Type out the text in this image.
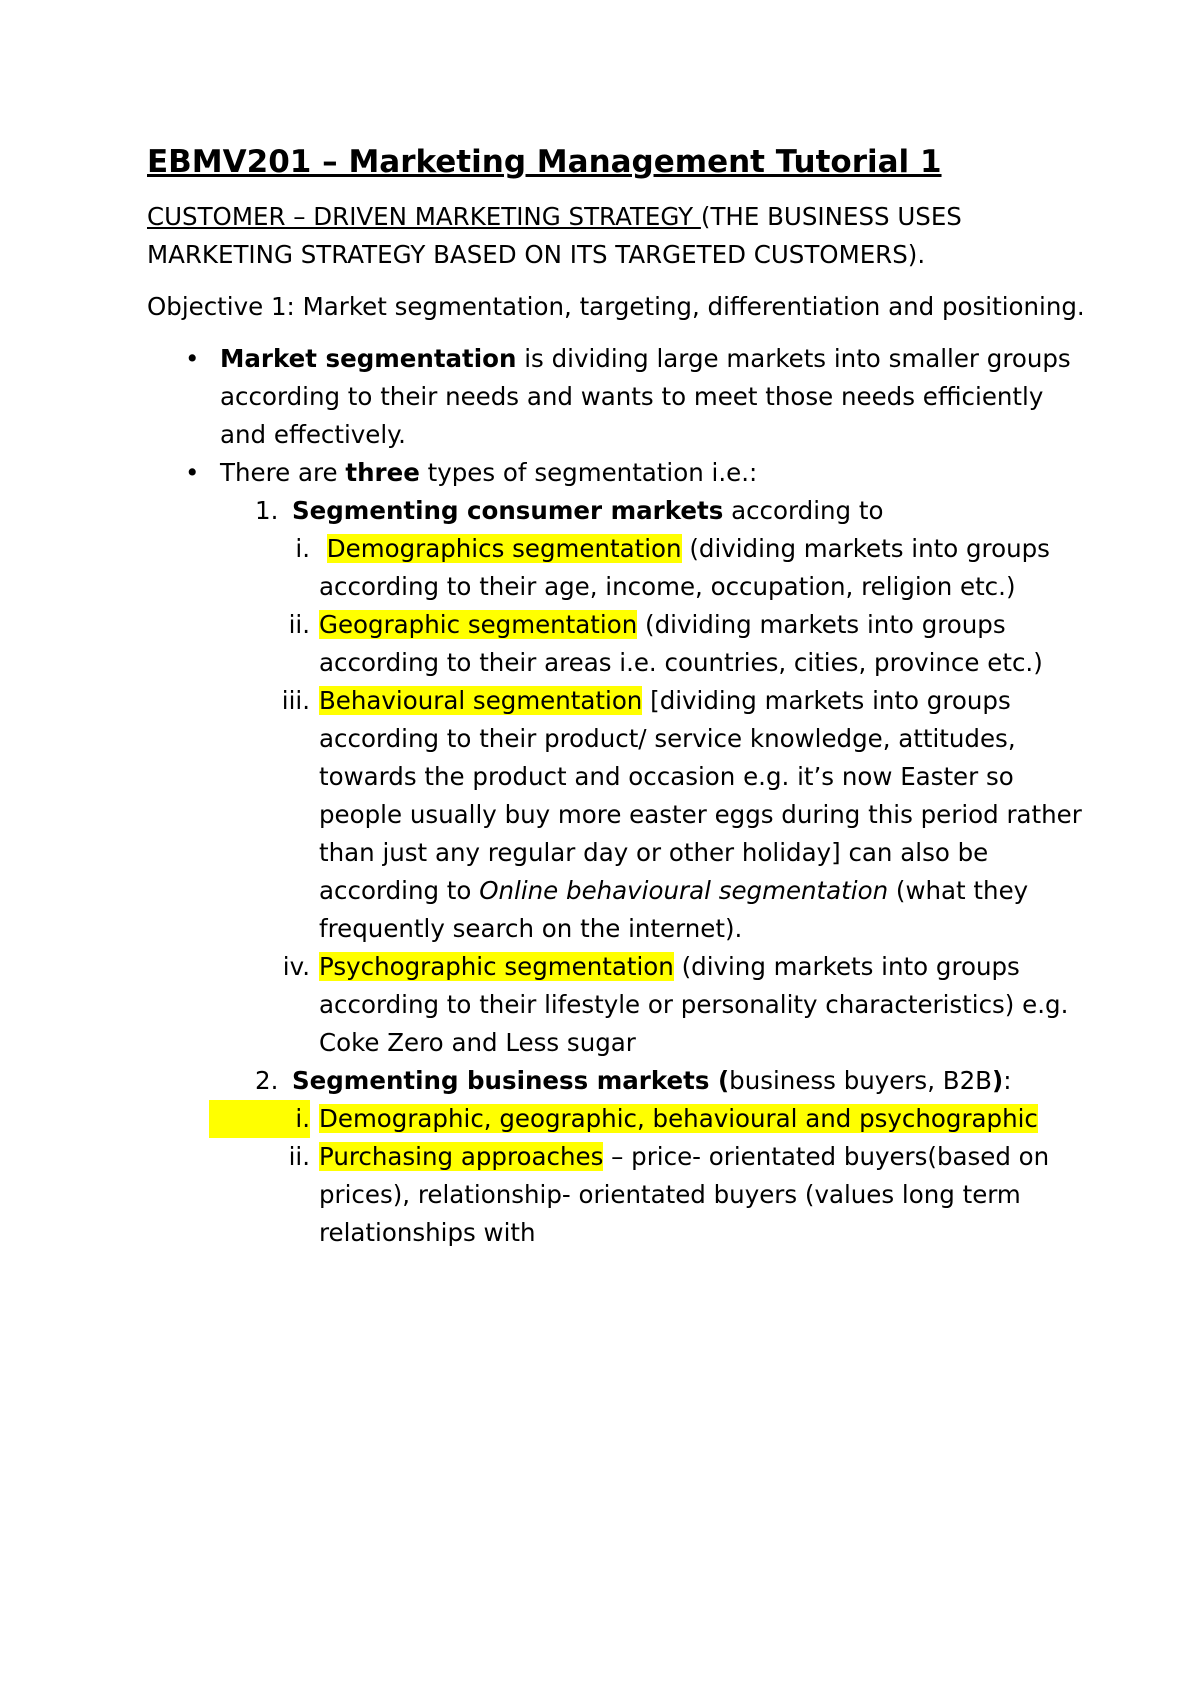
EBMV201 – Marketing Management Tutorial 1
CUSTOMER – DRIVEN MARKETING STRATEGY (THE BUSINESS USES MARKETING STRATEGY BASED ON ITS TARGETED CUSTOMERS).
Objective 1: Market segmentation, targeting, differentiation and positioning.
• Market segmentation is dividing large markets into smaller groups according to their needs and wants to meet those needs efficiently and effectively.
• There are three types of segmentation i.e.:
1. Segmenting consumer markets according to
i. Demographics segmentation (dividing markets into groups according to their age, income, occupation, religion etc.)
ii. Geographic segmentation (dividing markets into groups according to their areas i.e. countries, cities, province etc.)
iii. Behavioural segmentation [dividing markets into groups according to their product/ service knowledge, attitudes, towards the product and occasion e.g. it’s now Easter so people usually buy more easter eggs during this period rather than just any regular day or other holiday] can also be according to Online behavioural segmentation (what they frequently search on the internet).
iv. Psychographic segmentation (diving markets into groups according to their lifestyle or personality characteristics) e.g. Coke Zero and Less sugar
2. Segmenting business markets (business buyers, B2B):
i. Demographic, geographic, behavioural and psychographic
ii. Purchasing approaches – price- orientated buyers(based on prices), relationship- orientated buyers (values long term relationships with
